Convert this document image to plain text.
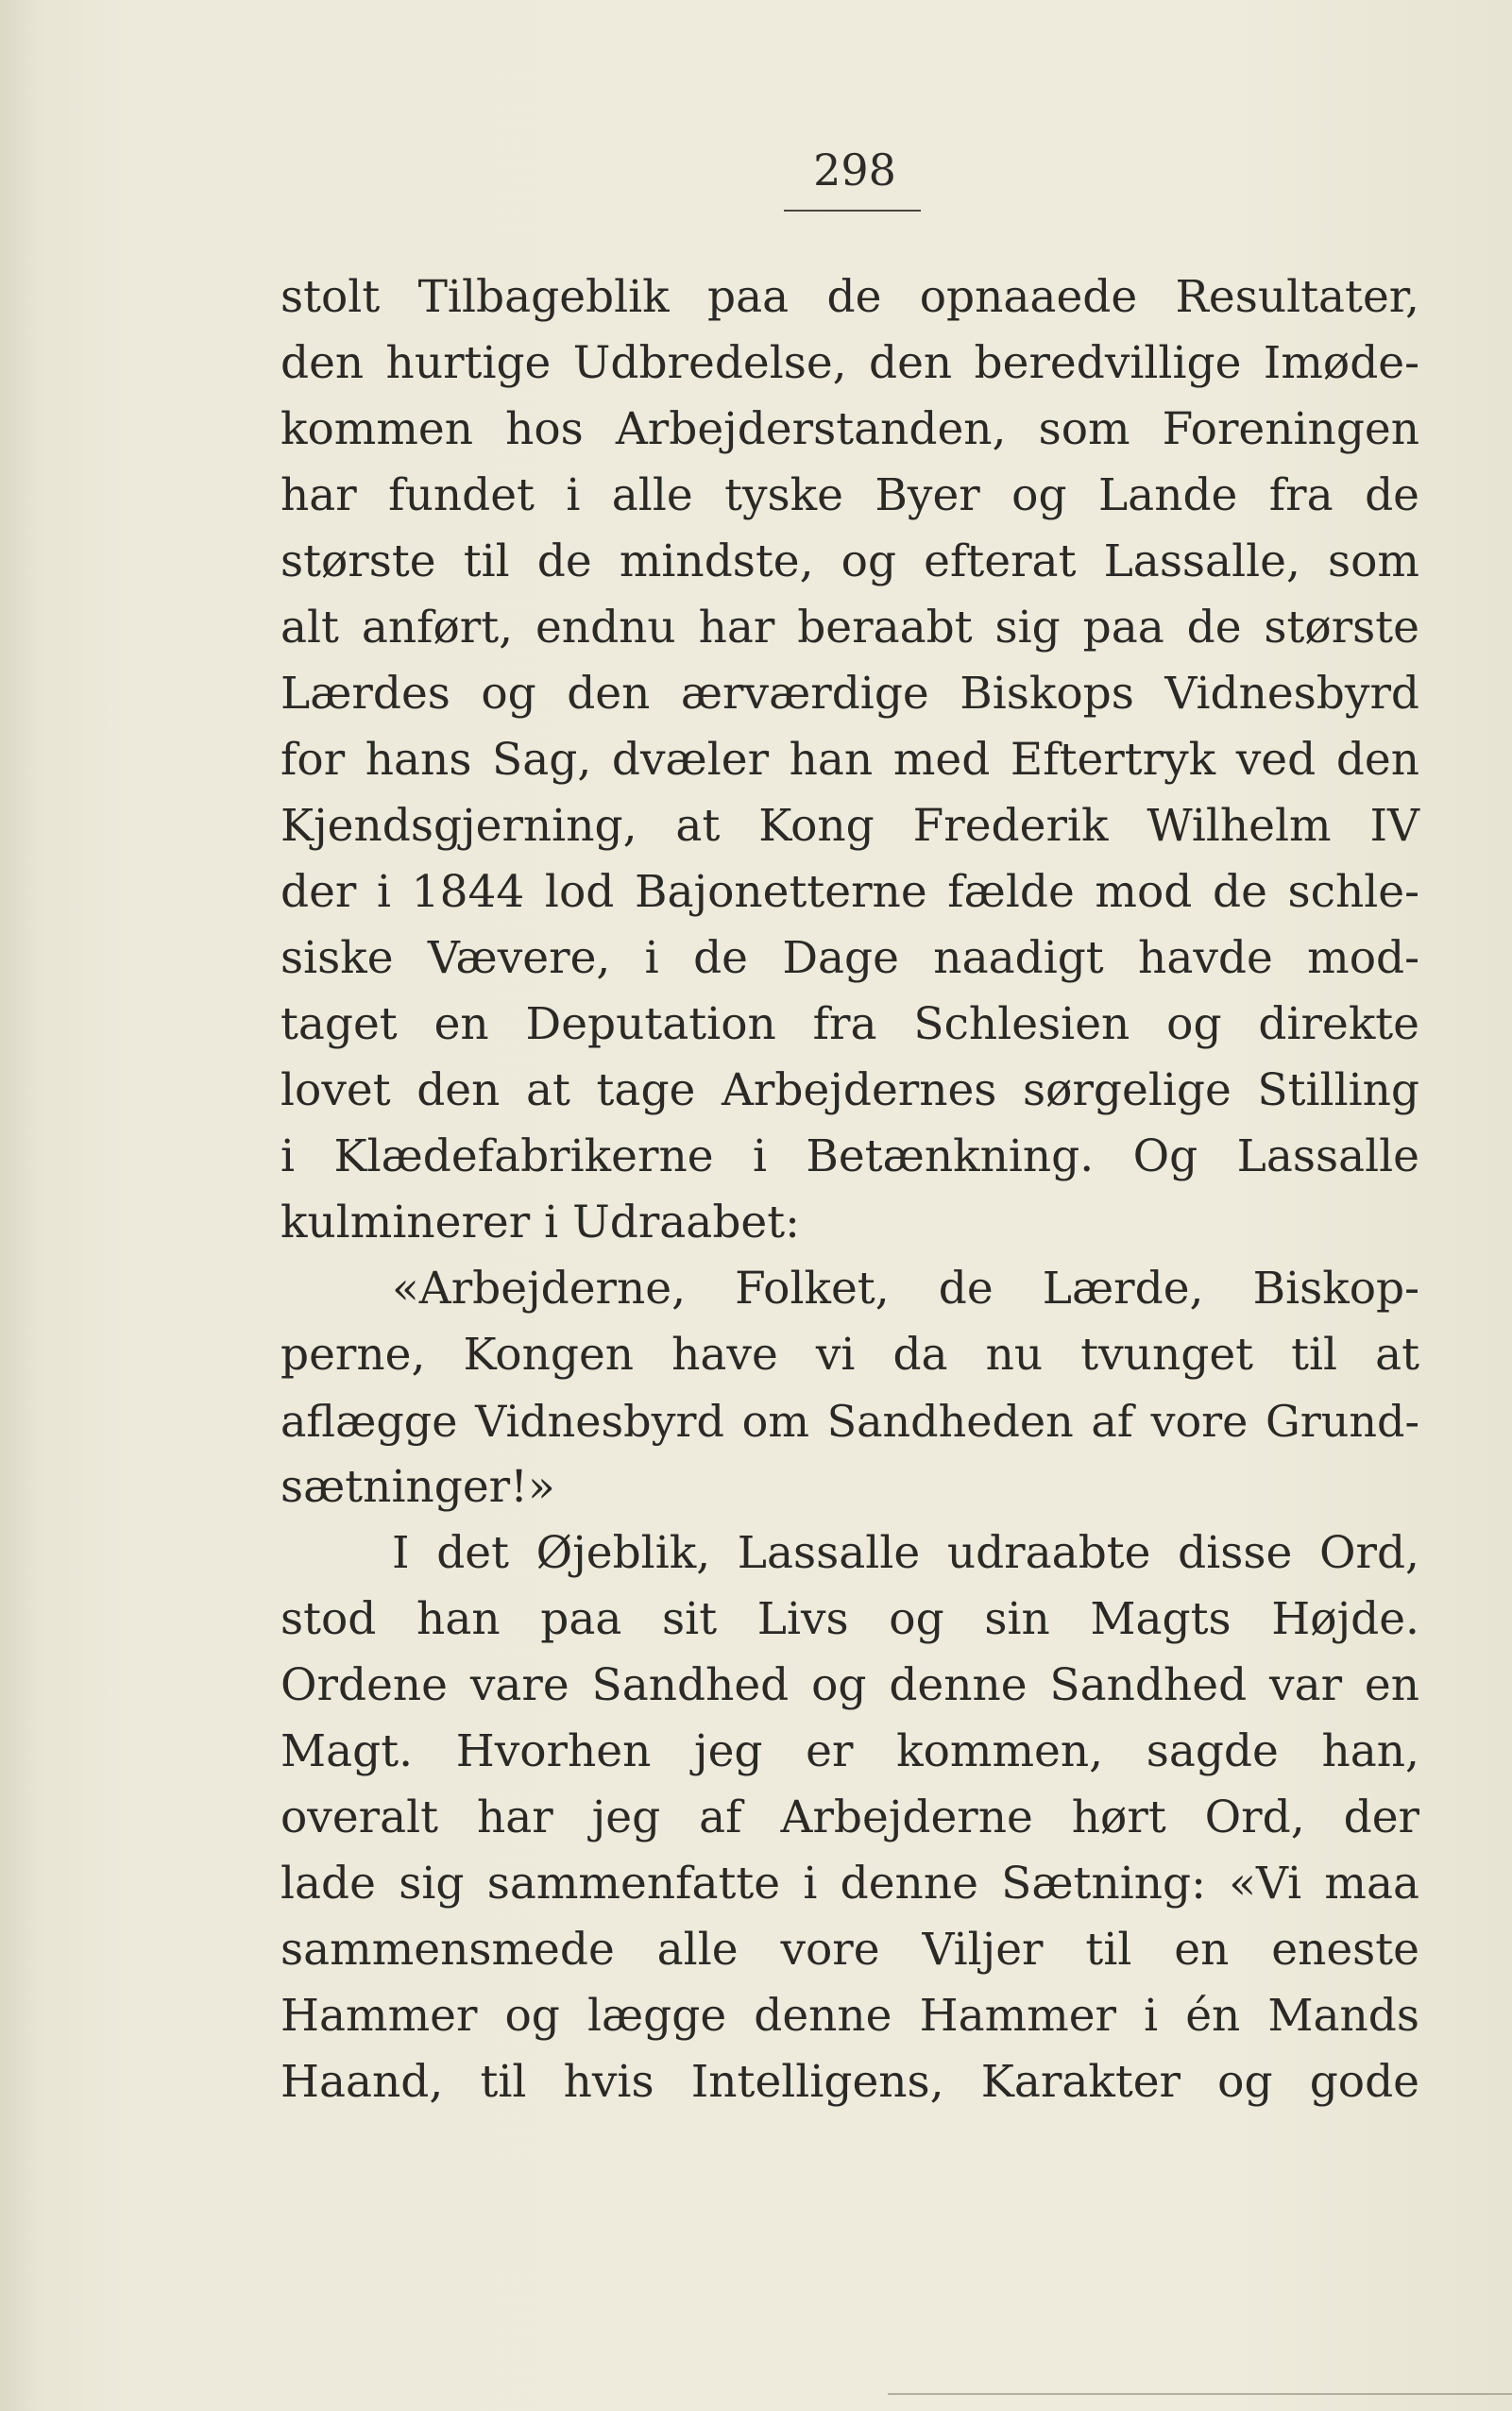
298
stolt Tilbageblik paa de opnaaede Resultater,
den hurtige Udbredelse, den beredvillige Imøde-
kommen hos Arbejderstanden, som Foreningen
har fundet i alle tyske Byer og Lande fra de
største til de mindste, og efterat Lassalle, som
alt anført, endnu har beraabt sig paa de største
Lærdes og den ærværdige Biskops Vidnesbyrd
for hans Sag, dvæler han med Eftertryk ved den
Kjendsgjerning, at Kong Frederik Wilhelm IV
der i 1844 lod Bajonetterne fælde mod de schle-
siske Vævere, i de Dage naadigt havde mod-
taget en Deputation fra Schlesien og direkte
lovet den at tage Arbejdernes sørgelige Stilling
i Klædefabrikerne i Betænkning. Og Lassalle
kulminerer i Udraabet:
«Arbejderne, Folket, de Lærde, Biskop-
perne, Kongen have vi da nu tvunget til at
aflægge Vidnesbyrd om Sandheden af vore Grund-
sætninger!»
I det Øjeblik, Lassalle udraabte disse Ord,
stod han paa sit Livs og sin Magts Højde.
Ordene vare Sandhed og denne Sandhed var en
Magt. Hvorhen jeg er kommen, sagde han,
overalt har jeg af Arbejderne hørt Ord, der
lade sig sammenfatte i denne Sætning: «Vi maa
sammensmede alle vore Viljer til en eneste
Hammer og lægge denne Hammer i én Mands
Haand, til hvis Intelligens, Karakter og gode
